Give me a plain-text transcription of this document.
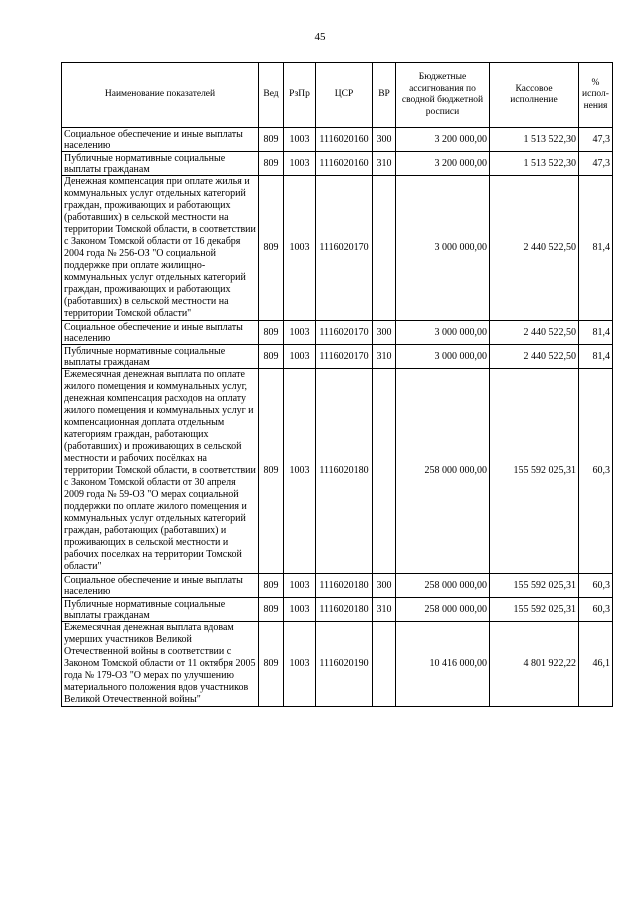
45
Наименование показателей	Вед	РзПр	ЦСР	ВР	Бюджетные ассигнования по сводной бюджетной росписи	Кассовое исполнение	% испол-нения
Социальное обеспечение и иные выплаты населению	809	1003	1116020160	300	3 200 000,00	1 513 522,30	47,3
Публичные нормативные социальные выплаты гражданам	809	1003	1116020160	310	3 200 000,00	1 513 522,30	47,3
Денежная компенсация при оплате жилья и коммунальных услуг отдельных категорий граждан, проживающих и работающих (работавших) в сельской местности на территории Томской области, в соответствии с Законом Томской области от 16 декабря 2004 года № 256-ОЗ "О социальной поддержке при оплате жилищно-коммунальных услуг отдельных категорий граждан, проживающих и работающих (работавших) в сельской местности на территории Томской области"	809	1003	1116020170		3 000 000,00	2 440 522,50	81,4
Социальное обеспечение и иные выплаты населению	809	1003	1116020170	300	3 000 000,00	2 440 522,50	81,4
Публичные нормативные социальные выплаты гражданам	809	1003	1116020170	310	3 000 000,00	2 440 522,50	81,4
Ежемесячная денежная выплата по оплате жилого помещения и коммунальных услуг, денежная компенсация расходов на оплату жилого помещения и коммунальных услуг и компенсационная доплата отдельным категориям граждан, работающих (работавших) и проживающих в сельской местности и рабочих посёлках на территории Томской области, в соответствии с Законом Томской области от 30 апреля 2009 года № 59-ОЗ "О мерах социальной поддержки по оплате жилого помещения и коммунальных услуг отдельных категорий граждан, работающих (работавших) и проживающих в сельской местности и рабочих поселках на территории Томской области"	809	1003	1116020180		258 000 000,00	155 592 025,31	60,3
Социальное обеспечение и иные выплаты населению	809	1003	1116020180	300	258 000 000,00	155 592 025,31	60,3
Публичные нормативные социальные выплаты гражданам	809	1003	1116020180	310	258 000 000,00	155 592 025,31	60,3
Ежемесячная денежная выплата вдовам умерших участников Великой Отечественной войны в соответствии с Законом Томской области от 11 октября 2005 года № 179-ОЗ "О мерах по улучшению материального положения вдов участников Великой Отечественной войны"	809	1003	1116020190		10 416 000,00	4 801 922,22	46,1
